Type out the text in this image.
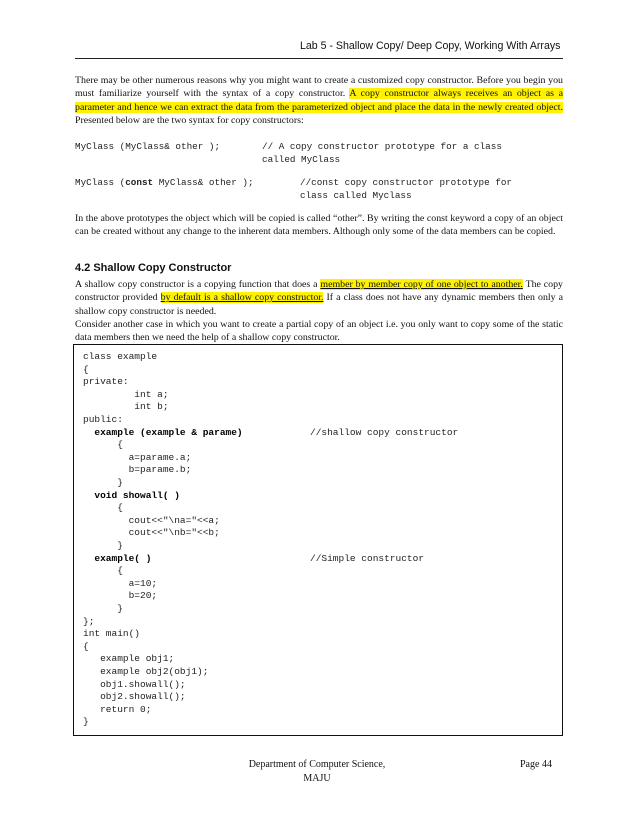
Lab 5 - Shallow Copy/ Deep Copy, Working With Arrays
There may be other numerous reasons why you might want to create a customized copy constructor. Before you begin you must familiarize yourself with the syntax of a copy constructor. A copy constructor always receives an object as a parameter and hence we can extract the data from the parameterized object and place the data in the newly created object. Presented below are the two syntax for copy constructors:
MyClass (MyClass& other );	// A copy constructor prototype for a class
called MyClass
MyClass (const MyClass& other );	//const copy constructor prototype for
class called Myclass
In the above prototypes the object which will be copied is called “other”. By writing the const keyword a copy of an object can be created without any change to the inherent data members. Although only some of the data members can be copied.
4.2 Shallow Copy Constructor
A shallow copy constructor is a copying function that does a member by member copy of one object to another. The copy constructor provided by default is a shallow copy constructor. If a class does not have any dynamic members then only a shallow copy constructor is needed.
Consider another case in which you want to create a partial copy of an object i.e. you only want to copy some of the static data members then we need the help of a shallow copy constructor.
class example
{
private:
int a;
int b;
public:
example (example & parame)	//shallow copy constructor
{
a=parame.a;
b=parame.b;
}
void showall( )
{
cout<<"\na="<<a;
cout<<"\nb="<<b;
}
example( )	//Simple constructor
{
a=10;
b=20;
}
};
int main()
{
example obj1;
example obj2(obj1);
obj1.showall();
obj2.showall();
return 0;
}
Department of Computer Science,
MAJU
Page 44
